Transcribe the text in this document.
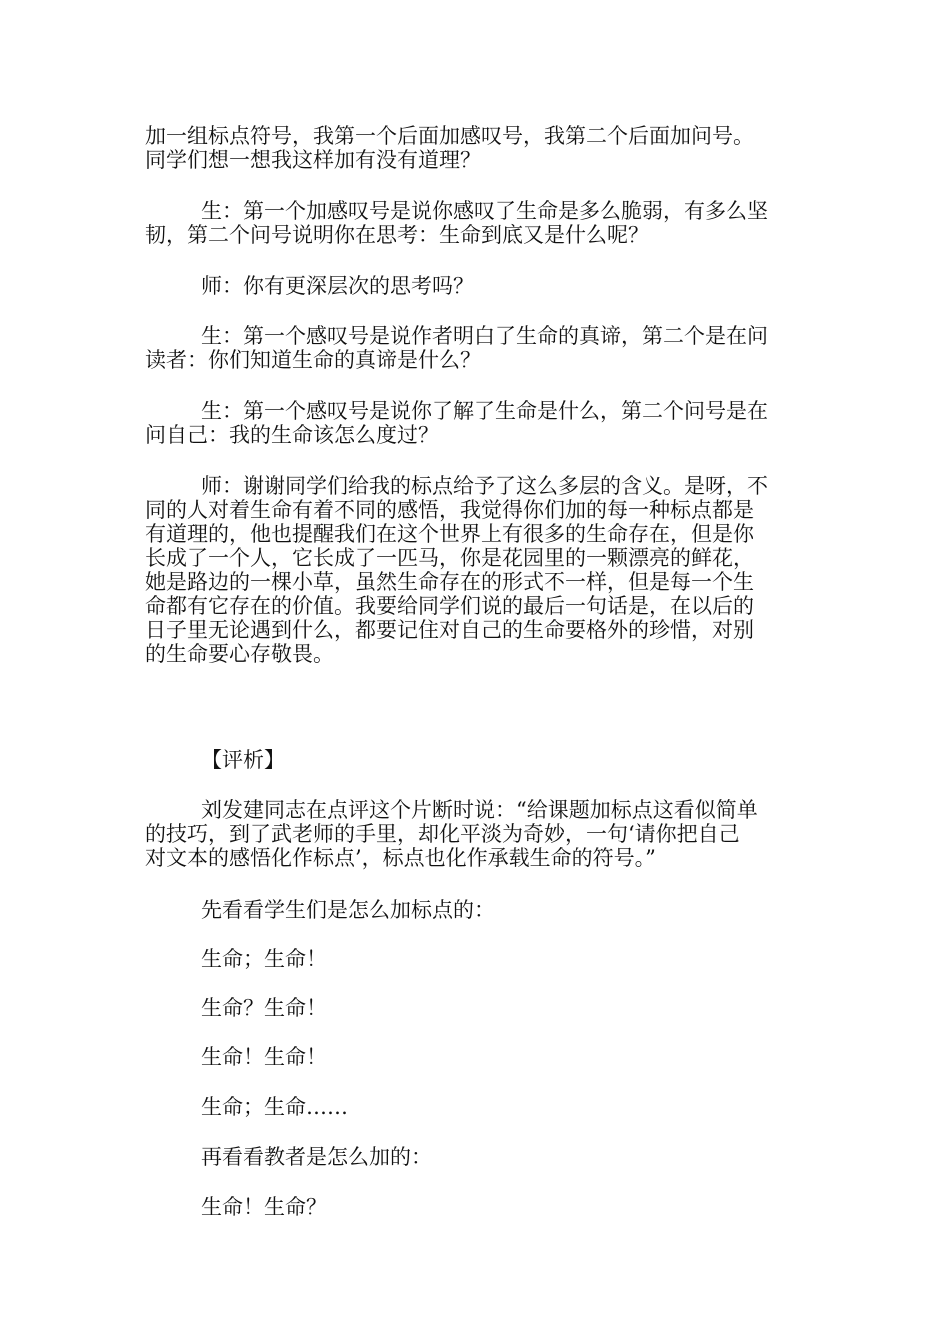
加一组标点符号，我第一个后面加感叹号，我第二个后面加问号。
同学们想一想我这样加有没有道理？
生：第一个加感叹号是说你感叹了生命是多么脆弱，有多么坚
韧，第二个问号说明你在思考：生命到底又是什么呢？
师：你有更深层次的思考吗？
生：第一个感叹号是说作者明白了生命的真谛，第二个是在问
读者：你们知道生命的真谛是什么？
生：第一个感叹号是说你了解了生命是什么，第二个问号是在
问自己：我的生命该怎么度过？
师：谢谢同学们给我的标点给予了这么多层的含义。是呀，不
同的人对着生命有着不同的感悟，我觉得你们加的每一种标点都是
有道理的，他也提醒我们在这个世界上有很多的生命存在，但是你
长成了一个人，它长成了一匹马，你是花园里的一颗漂亮的鲜花，
她是路边的一棵小草，虽然生命存在的形式不一样，但是每一个生
命都有它存在的价值。我要给同学们说的最后一句话是，在以后的
日子里无论遇到什么，都要记住对自己的生命要格外的珍惜，对别
的生命要心存敬畏。
【评析】
刘发建同志在点评这个片断时说：“给课题加标点这看似简单
的技巧，到了武老师的手里，却化平淡为奇妙，一句‘请你把自己
对文本的感悟化作标点’，标点也化作承载生命的符号。”
先看看学生们是怎么加标点的：
生命；生命！
生命？生命！
生命！生命！
生命；生命……
再看看教者是怎么加的：
生命！生命？
